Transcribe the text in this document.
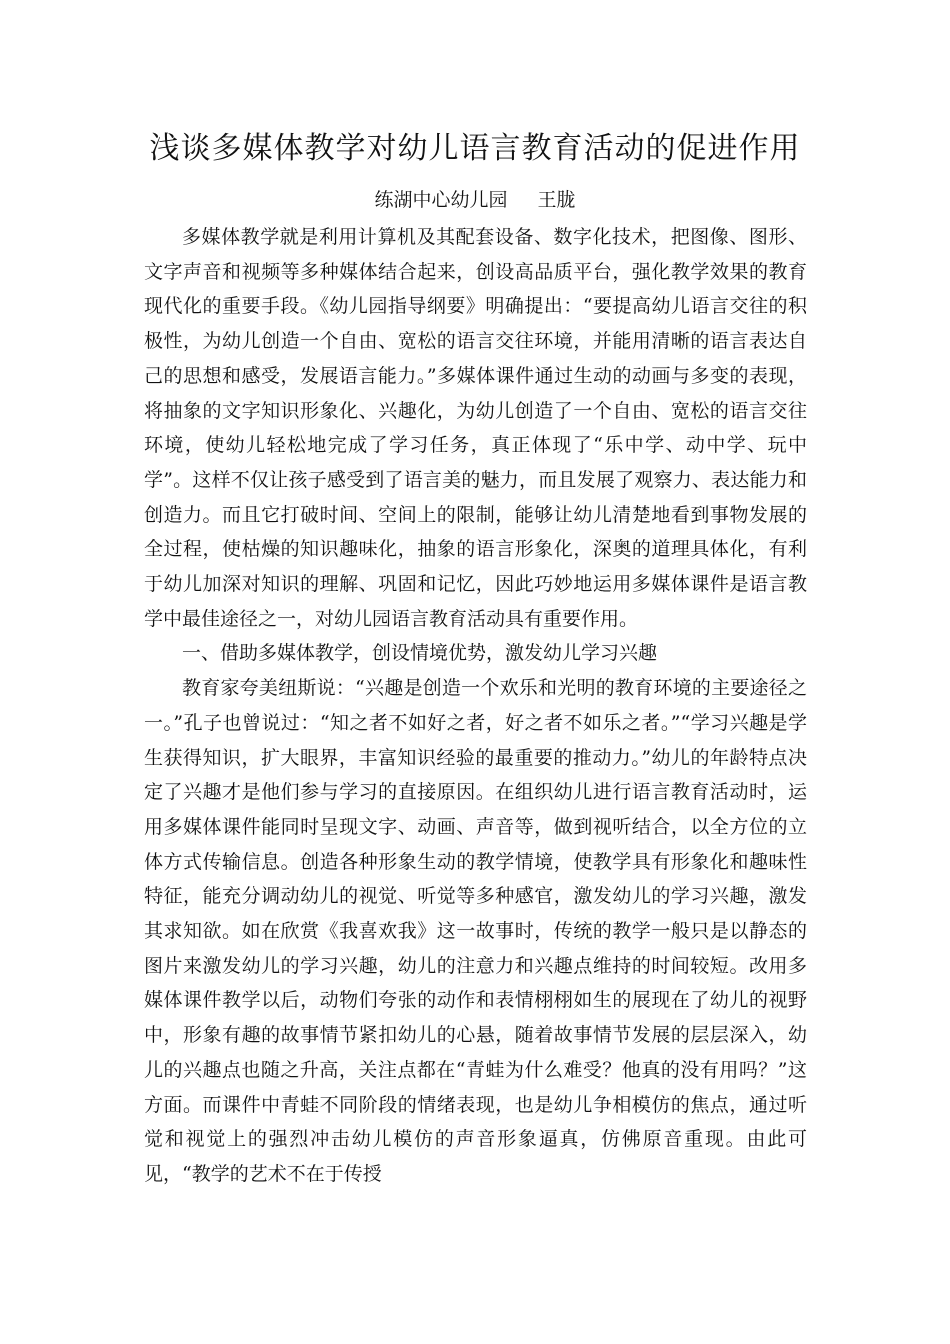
浅谈多媒体教学对幼儿语言教育活动的促进作用
练湖中心幼儿园 王胧

多媒体教学就是利用计算机及其配套设备、数字化技术，把图像、图形、文字声音和视频等多种媒体结合起来，创设高品质平台，强化教学效果的教育现代化的重要手段。《幼儿园指导纲要》明确提出：“要提高幼儿语言交往的积极性，为幼儿创造一个自由、宽松的语言交往环境，并能用清晰的语言表达自己的思想和感受，发展语言能力。”多媒体课件通过生动的动画与多变的表现，将抽象的文字知识形象化、兴趣化，为幼儿创造了一个自由、宽松的语言交往环境，使幼儿轻松地完成了学习任务，真正体现了“乐中学、动中学、玩中学”。这样不仅让孩子感受到了语言美的魅力，而且发展了观察力、表达能力和创造力。而且它打破时间、空间上的限制，能够让幼儿清楚地看到事物发展的全过程，使枯燥的知识趣味化，抽象的语言形象化，深奥的道理具体化，有利于幼儿加深对知识的理解、巩固和记忆，因此巧妙地运用多媒体课件是语言教学中最佳途径之一，对幼儿园语言教育活动具有重要作用。

一、借助多媒体教学，创设情境优势，激发幼儿学习兴趣

教育家夸美纽斯说：“兴趣是创造一个欢乐和光明的教育环境的主要途径之一。”孔子也曾说过：“知之者不如好之者，好之者不如乐之者。”“学习兴趣是学生获得知识，扩大眼界，丰富知识经验的最重要的推动力。”幼儿的年龄特点决定了兴趣才是他们参与学习的直接原因。在组织幼儿进行语言教育活动时，运用多媒体课件能同时呈现文字、动画、声音等，做到视听结合，以全方位的立体方式传输信息。创造各种形象生动的教学情境，使教学具有形象化和趣味性特征，能充分调动幼儿的视觉、听觉等多种感官，激发幼儿的学习兴趣，激发其求知欲。如在欣赏《我喜欢我》这一故事时，传统的教学一般只是以静态的图片来激发幼儿的学习兴趣，幼儿的注意力和兴趣点维持的时间较短。改用多媒体课件教学以后，动物们夸张的动作和表情栩栩如生的展现在了幼儿的视野中，形象有趣的故事情节紧扣幼儿的心悬，随着故事情节发展的层层深入，幼儿的兴趣点也随之升高，关注点都在“青蛙为什么难受？他真的没有用吗？”这方面。而课件中青蛙不同阶段的情绪表现，也是幼儿争相模仿的焦点，通过听觉和视觉上的强烈冲击幼儿模仿的声音形象逼真，仿佛原音重现。由此可见，“教学的艺术不在于传授
